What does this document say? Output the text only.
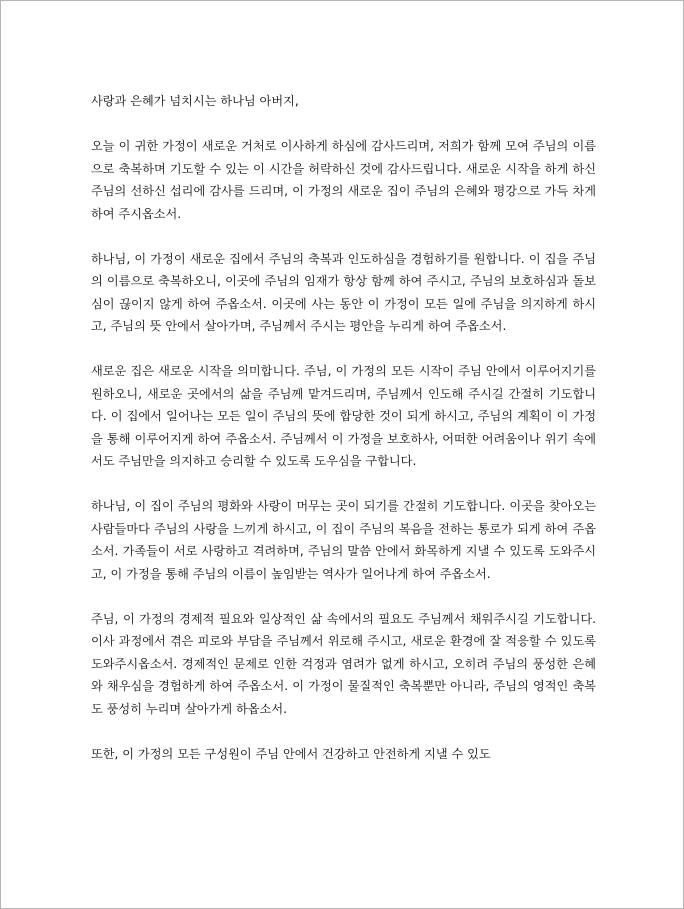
사랑과 은혜가 넘치시는 하나님 아버지,

오늘 이 귀한 가정이 새로운 거처로 이사하게 하심에 감사드리며, 저희가 함께 모여 주님의 이름으로 축복하며 기도할 수 있는 이 시간을 허락하신 것에 감사드립니다. 새로운 시작을 하게 하신 주님의 선하신 섭리에 감사를 드리며, 이 가정의 새로운 집이 주님의 은혜와 평강으로 가득 차게 하여 주시옵소서.

하나님, 이 가정이 새로운 집에서 주님의 축복과 인도하심을 경험하기를 원합니다. 이 집을 주님의 이름으로 축복하오니, 이곳에 주님의 임재가 항상 함께 하여 주시고, 주님의 보호하심과 돌보심이 끊이지 않게 하여 주옵소서. 이곳에 사는 동안 이 가정이 모든 일에 주님을 의지하게 하시고, 주님의 뜻 안에서 살아가며, 주님께서 주시는 평안을 누리게 하여 주옵소서.

새로운 집은 새로운 시작을 의미합니다. 주님, 이 가정의 모든 시작이 주님 안에서 이루어지기를 원하오니, 새로운 곳에서의 삶을 주님께 맡겨드리며, 주님께서 인도해 주시길 간절히 기도합니다. 이 집에서 일어나는 모든 일이 주님의 뜻에 합당한 것이 되게 하시고, 주님의 계획이 이 가정을 통해 이루어지게 하여 주옵소서. 주님께서 이 가정을 보호하사, 어떠한 어려움이나 위기 속에서도 주님만을 의지하고 승리할 수 있도록 도우심을 구합니다.

하나님, 이 집이 주님의 평화와 사랑이 머무는 곳이 되기를 간절히 기도합니다. 이곳을 찾아오는 사람들마다 주님의 사랑을 느끼게 하시고, 이 집이 주님의 복음을 전하는 통로가 되게 하여 주옵소서. 가족들이 서로 사랑하고 격려하며, 주님의 말씀 안에서 화목하게 지낼 수 있도록 도와주시고, 이 가정을 통해 주님의 이름이 높임받는 역사가 일어나게 하여 주옵소서.

주님, 이 가정의 경제적 필요와 일상적인 삶 속에서의 필요도 주님께서 채워주시길 기도합니다. 이사 과정에서 겪은 피로와 부담을 주님께서 위로해 주시고, 새로운 환경에 잘 적응할 수 있도록 도와주시옵소서. 경제적인 문제로 인한 걱정과 염려가 없게 하시고, 오히려 주님의 풍성한 은혜와 채우심을 경험하게 하여 주옵소서. 이 가정이 물질적인 축복뿐만 아니라, 주님의 영적인 축복도 풍성히 누리며 살아가게 하옵소서.

또한, 이 가정의 모든 구성원이 주님 안에서 건강하고 안전하게 지낼 수 있도
